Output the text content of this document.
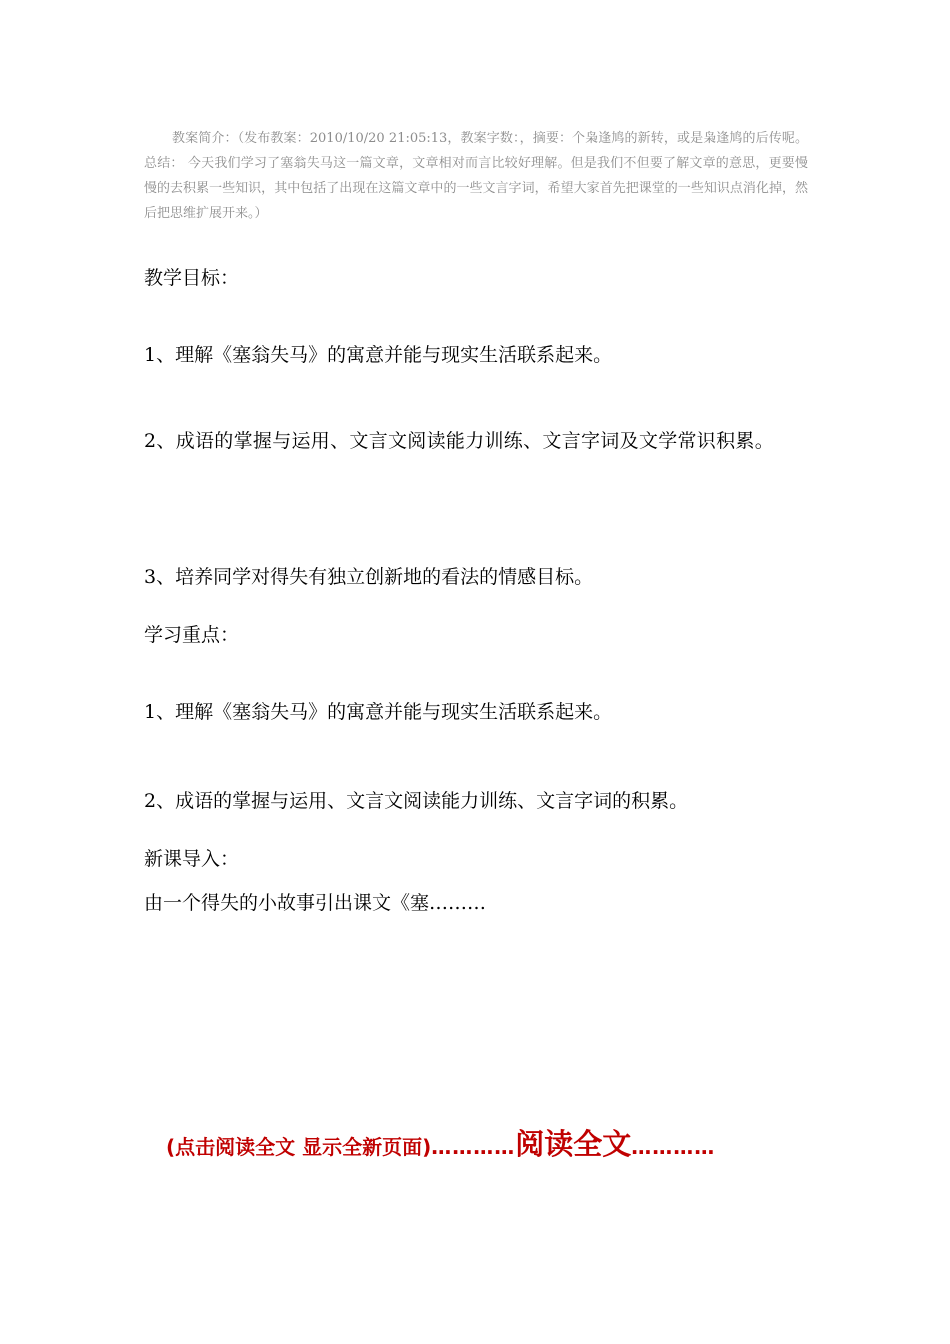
教案简介：（发布教案：2010/10/20 21:05:13，教案字数：，摘要：个枭逢鸠的新转，或是枭逢鸠的后传呢。 总结： 今天我们学习了塞翁失马这一篇文章，文章相对而言比较好理解。但是我们不但要了解文章的意思，更要慢慢的去积累一些知识，其中包括了出现在这篇文章中的一些文言字词，希望大家首先把课堂的一些知识点消化掉，然后把思维扩展开来。）
教学目标：
1、理解《塞翁失马》的寓意并能与现实生活联系起来。
2、成语的掌握与运用、文言文阅读能力训练、文言字词及文学常识积累。
3、培养同学对得失有独立创新地的看法的情感目标。
学习重点：
1、理解《塞翁失马》的寓意并能与现实生活联系起来。
2、成语的掌握与运用、文言文阅读能力训练、文言字词的积累。
新课导入：
由一个得失的小故事引出课文《塞………
(点击阅读全文 显示全新页面)…………阅读全文…………
